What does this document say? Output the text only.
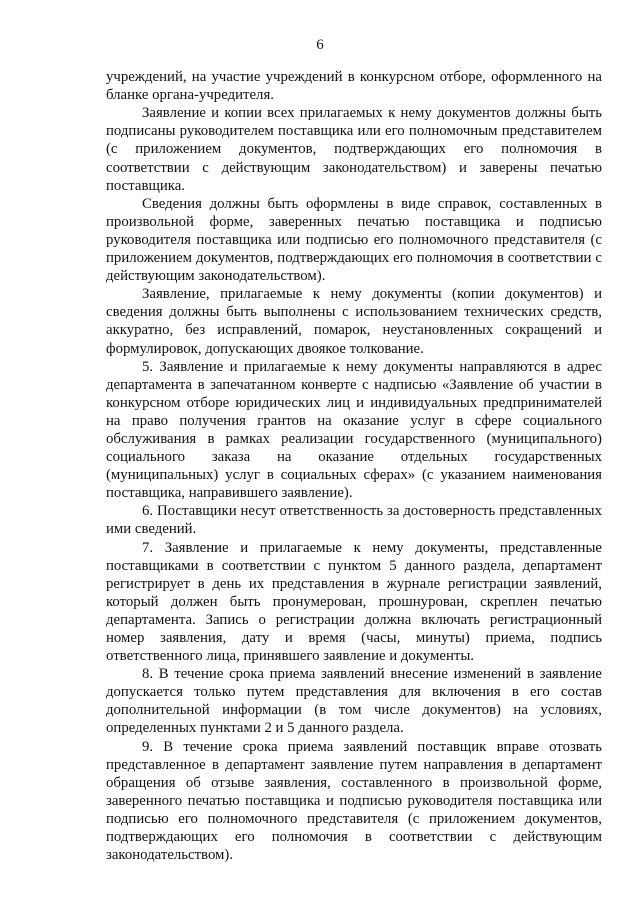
6

учреждений, на участие учреждений в конкурсном отборе, оформленного на бланке органа-учредителя.

Заявление и копии всех прилагаемых к нему документов должны быть подписаны руководителем поставщика или его полномочным представителем (с приложением документов, подтверждающих его полномочия в соответствии с действующим законодательством) и заверены печатью поставщика.

Сведения должны быть оформлены в виде справок, составленных в произвольной форме, заверенных печатью поставщика и подписью руководителя поставщика или подписью его полномочного представителя (с приложением документов, подтверждающих его полномочия в соответствии с действующим законодательством).

Заявление, прилагаемые к нему документы (копии документов) и сведения должны быть выполнены с использованием технических средств, аккуратно, без исправлений, помарок, неустановленных сокращений и формулировок, допускающих двоякое толкование.

5. Заявление и прилагаемые к нему документы направляются в адрес департамента в запечатанном конверте с надписью «Заявление об участии в конкурсном отборе юридических лиц и индивидуальных предпринимателей на право получения грантов на оказание услуг в сфере социального обслуживания в рамках реализации государственного (муниципального) социального заказа на оказание отдельных государственных (муниципальных) услуг в социальных сферах» (с указанием наименования поставщика, направившего заявление).

6. Поставщики несут ответственность за достоверность представленных ими сведений.

7. Заявление и прилагаемые к нему документы, представленные поставщиками в соответствии с пунктом 5 данного раздела, департамент регистрирует в день их представления в журнале регистрации заявлений, который должен быть пронумерован, прошнурован, скреплен печатью департамента. Запись о регистрации должна включать регистрационный номер заявления, дату и время (часы, минуты) приема, подпись ответственного лица, принявшего заявление и документы.

8. В течение срока приема заявлений внесение изменений в заявление допускается только путем представления для включения в его состав дополнительной информации (в том числе документов) на условиях, определенных пунктами 2 и 5 данного раздела.

9. В течение срока приема заявлений поставщик вправе отозвать представленное в департамент заявление путем направления в департамент обращения об отзыве заявления, составленного в произвольной форме, заверенного печатью поставщика и подписью руководителя поставщика или подписью его полномочного представителя (с приложением документов, подтверждающих его полномочия в соответствии с действующим законодательством).
